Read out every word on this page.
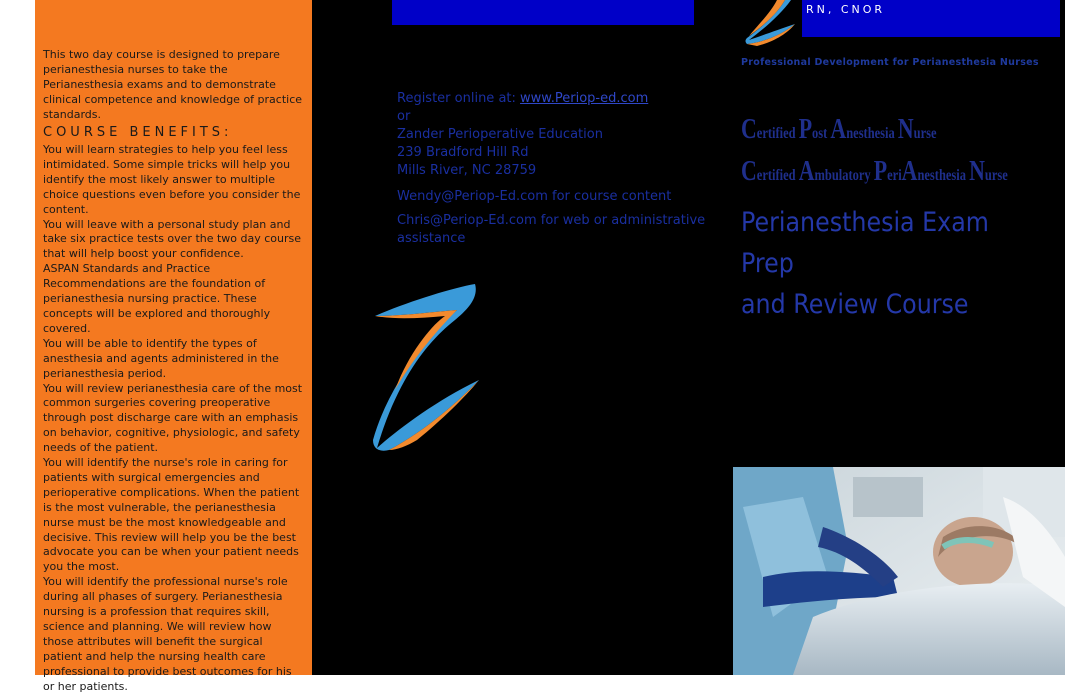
This two day course is designed to prepare perianesthesia nurses to take the Perianesthesia exams and to demonstrate clinical competence and knowledge of practice standards.
COURSE BENEFITS:

You will learn strategies to help you feel less intimidated. Some simple tricks will help you identify the most likely answer to multiple choice questions even before you consider the content.

You will leave with a personal study plan and take six practice tests over the two day course that will help boost your confidence.

ASPAN Standards and Practice Recommendations are the foundation of perianesthesia nursing practice. These concepts will be explored and thoroughly covered.

You will be able to identify the types of anesthesia and agents administered in the perianesthesia period.

You will review perianesthesia care of the most common surgeries covering preoperative through post discharge care with an emphasis on behavior, cognitive, physiologic, and safety needs of the patient.

You will identify the nurse's role in caring for patients with surgical emergencies and perioperative complications. When the patient is the most vulnerable, the perianesthesia nurse must be the most knowledgeable and decisive. This review will help you be the best advocate you can be when your patient needs you the most.

You will identify the professional nurse's role during all phases of surgery. Perianesthesia nursing is a profession that requires skill, science and planning. We will review how those attributes will benefit the surgical patient and help the nursing health care professional to provide best outcomes for his or her patients.

Register online at: www.Periop-ed.com
or
Zander Perioperative Education
239 Bradford Hill Rd
Mills River, NC 28759
Wendy@Periop-Ed.com for course content
Chris@Periop-Ed.com for web or administrative assistance
RN, CNOR
Professional Development for Perianesthesia Nurses
Certified Post Anesthesia Nurse
Certified Ambulatory PeriAnesthesia Nurse
Perianesthesia Exam Prep
and Review Course
